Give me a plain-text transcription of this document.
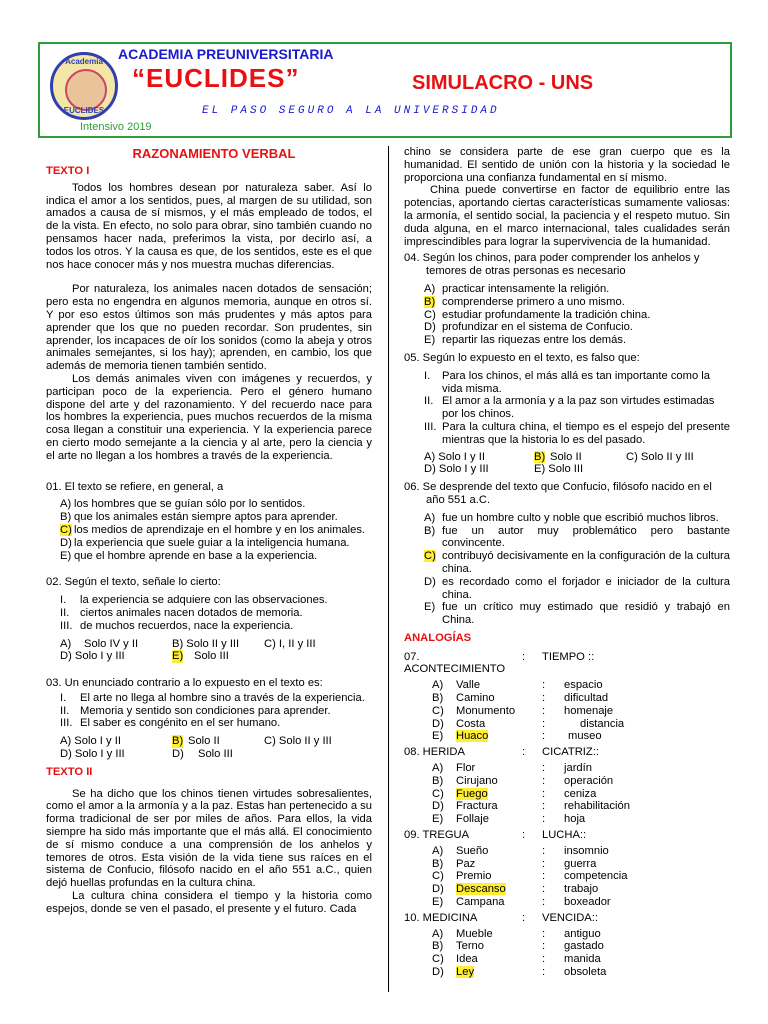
Academia
EUCLIDES
ACADEMIA PREUNIVERSITARIA
“EUCLIDES”	SIMULACRO - UNS
EL PASO SEGURO A LA UNIVERSIDAD
Intensivo 2019

RAZONAMIENTO VERBAL

TEXTO I

Todos los hombres desean por naturaleza saber. Así lo indica el amor a los sentidos, pues, al margen de su utilidad, son amados a causa de sí mismos, y el más empleado de todos, el de la vista. En efecto, no solo para obrar, sino también cuando no pensamos hacer nada, preferimos la vista, por decirlo así, a todos los otros. Y la causa es que, de los sentidos, este es el que nos hace conocer más y nos muestra muchas diferencias.

Por naturaleza, los animales nacen dotados de sensación; pero esta no engendra en algunos memoria, aunque en otros sí. Y por eso estos últimos son más prudentes y más aptos para aprender que los que no pueden recordar. Son prudentes, sin aprender, los incapaces de oír los sonidos (como la abeja y otros animales semejantes, si los hay); aprenden, en cambio, los que además de memoria tienen también sentido.

Los demás animales viven con imágenes y recuerdos, y participan poco de la experiencia. Pero el género humano dispone del arte y del razonamiento. Y del recuerdo nace para los hombres la experiencia, pues muchos recuerdos de la misma cosa llegan a constituir una experiencia. Y la experiencia parece en cierto modo semejante a la ciencia y al arte, pero la ciencia y el arte no llegan a los hombres a través de la experiencia.

01. El texto se refiere, en general, a

A) los hombres que se guían sólo por lo sentidos.
B) que los animales están siempre aptos para aprender.
C) los medios de aprendizaje en el hombre y en los animales.
D) la experiencia que suele guiar a la inteligencia humana.
E) que el hombre aprende en base a la experiencia.

02. Según el texto, señale lo cierto:

I.	la experiencia se adquiere con las observaciones.
II. ciertos animales nacen dotados de memoria.
III. de muchos recuerdos, nace la experiencia.
A)	Solo IV y II	B) Solo II y III	C) I, II y III
D) Solo I y III	E) Solo III

03. Un enunciado contrario a lo expuesto en el texto es:

I.	El arte no llega al hombre sino a través de la experiencia.
II. Memoria y sentido son condiciones para aprender.
III. El saber es congénito en el ser humano.
A) Solo I y II	B) Solo II	C) Solo II y III
D) Solo I y III	D)	Solo III

TEXTO II

Se ha dicho que los chinos tienen virtudes sobresalientes, como el amor a la armonía y a la paz. Estas han pertenecido a su forma tradicional de ser por miles de años. Para ellos, la vida siempre ha sido más importante que el más allá. El conocimiento de sí mismo conduce a una comprensión de los anhelos y temores de otros. Esta visión de la vida tiene sus raíces en el sistema de Confucio, filósofo nacido en el año 551 a.C., quien dejó huellas profundas en la cultura china.

La cultura china considera el tiempo y la historia como espejos, donde se ven el pasado, el presente y el futuro. Cada

chino se considera parte de ese gran cuerpo que es la humanidad. El sentido de unión con la historia y la sociedad le proporciona una confianza fundamental en sí mismo.

China puede convertirse en factor de equilibrio entre las potencias, aportando ciertas características sumamente valiosas: la armonía, el sentido social, la paciencia y el respeto mutuo. Sin duda alguna, en el marco internacional, tales cualidades serán imprescindibles para lograr la supervivencia de la humanidad.

04. Según los chinos, para poder comprender los anhelos y temores de otras personas es necesario

A) practicar intensamente la religión.
B) comprenderse primero a uno mismo.
C) estudiar profundamente la tradición china.
D) profundizar en el sistema de Confucio.
E) repartir las riquezas entre los demás.

05. Según lo expuesto en el texto, es falso que:

I.	Para los chinos, el más allá es tan importante como la vida misma.
II. El amor a la armonía y a la paz son virtudes estimadas por los chinos.
III. Para la cultura china, el tiempo es el espejo del presente mientras que la historia lo es del pasado.
A) Solo I y II	B) Solo II	C) Solo II y III
D) Solo I y III	E) Solo III

06. Se desprende del texto que Confucio, filósofo nacido en el año 551 a.C.

A) fue un hombre culto y noble que escribió muchos libros.
B) fue un autor muy problemático pero bastante convincente.
C) contribuyó decisivamente en la configuración de la cultura china.
D) es recordado como el forjador e iniciador de la cultura china.
E) fue un crítico muy estimado que residió y trabajó en China.

ANALOGÍAS

07. ACONTECIMIENTO
:	TIEMPO ::
A)	Valle	:	espacio
B)	Camino	:	dificultad
C)	Monumento	:	homenaje
D)	Costa	:	distancia
E)	Huaco	:	museo
08. HERIDA	:	CICATRIZ::
A)	Flor	:	jardín
B)	Cirujano	:	operación
C)	Fuego	:	ceniza
D)	Fractura	:	rehabilitación
E)	Follaje	:	hoja
09. TREGUA	:	LUCHA::
A)	Sueño	:	insomnio
B)	Paz	:	guerra
C)	Premio	:	competencia
D)	Descanso	:	trabajo
E)	Campana	:	boxeador
10. MEDICINA	:	VENCIDA::
A)	Mueble	:	antiguo
B)	Terno	:	gastado
C)	Idea	:	manida
D)	Ley	:	obsoleta
